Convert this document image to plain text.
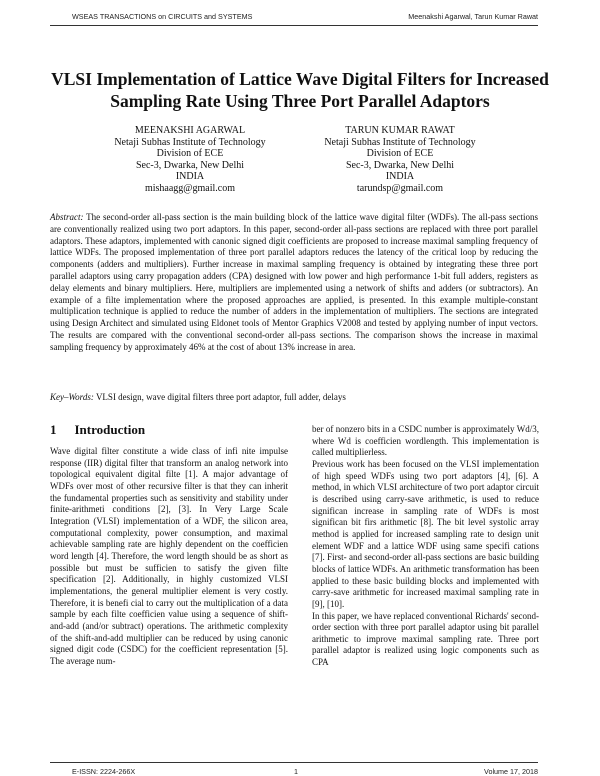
WSEAS TRANSACTIONS on CIRCUITS and SYSTEMS	Meenakshi Agarwal, Tarun Kumar Rawat
VLSI Implementation of Lattice Wave Digital Filters for Increased Sampling Rate Using Three Port Parallel Adaptors
MEENAKSHI AGARWAL
Netaji Subhas Institute of Technology
Division of ECE
Sec-3, Dwarka, New Delhi
INDIA
mishaagg@gmail.com
TARUN KUMAR RAWAT
Netaji Subhas Institute of Technology
Division of ECE
Sec-3, Dwarka, New Delhi
INDIA
tarundsp@gmail.com
Abstract: The second-order all-pass section is the main building block of the lattice wave digital filter (WDFs). The all-pass sections are conventionally realized using two port adaptors. In this paper, second-order all-pass sections are replaced with three port parallel adaptors. These adaptors, implemented with canonic signed digit coefficients are proposed to increase maximal sampling frequency of lattice WDFs. The proposed implementation of three port parallel adaptors reduces the latency of the critical loop by reducing the components (adders and multipliers). Further increase in maximal sampling frequency is obtained by integrating these three port parallel adaptors using carry propagation adders (CPA) designed with low power and high performance 1-bit full adders, registers as delay elements and binary multipliers. Here, multipliers are implemented using a network of shifts and adders (or subtractors). An example of a filte implementation where the proposed approaches are applied, is presented. In this example multiple-constant multiplication technique is applied to reduce the number of adders in the implementation of multipliers. The sections are integrated using Design Architect and simulated using Eldonet tools of Mentor Graphics V2008 and tested by applying number of input vectors. The results are compared with the conventional second-order all-pass sections. The comparison shows the increase in maximal sampling frequency by approximately 46% at the cost of about 13% increase in area.
Key–Words: VLSI design, wave digital filters three port adaptor, full adder, delays
1 Introduction

Wave digital filter constitute a wide class of infi nite impulse response (IIR) digital filter that transform an analog network into topological equivalent digital filte [1]. A major advantage of WDFs over most of other recursive filter is that they can inherit the fundamental properties such as sensitivity and stability under finite-arithmeti conditions [2], [3]. In Very Large Scale Integration (VLSI) implementation of a WDF, the silicon area, computational complexity, power consumption, and maximal achievable sampling rate are highly dependent on the coefficien word length [4]. Therefore, the word length should be as short as possible but must be sufficien to satisfy the given filte specification [2]. Additionally, in highly customized VLSI implementations, the general multiplier element is very costly. Therefore, it is benefi cial to carry out the multiplication of a data sample by each filte coefficien value using a sequence of shift-and-add (and/or subtract) operations. The arithmetic complexity of the shift-and-add multiplier can be reduced by using canonic signed digit code (CSDC) for the coefficient representation [5]. The average num-

ber of nonzero bits in a CSDC number is approximately Wd/3, where Wd is coefficien wordlength. This implementation is called multiplierless.

Previous work has been focused on the VLSI implementation of high speed WDFs using two port adaptors [4], [6]. A method, in which VLSI architecture of two port adaptor circuit is described using carry-save arithmetic, is used to reduce significan increase in sampling rate of WDFs is most significan bit firs arithmetic [8]. The bit level systolic array method is applied for increased sampling rate to design unit element WDF and a lattice WDF using same specifi cations [7]. First- and second-order all-pass sections are basic building blocks of lattice WDFs. An arithmetic transformation has been applied to these basic building blocks and implemented with carry-save arithmetic for increased maximal sampling rate in [9], [10].

In this paper, we have replaced conventional Richards' second-order section with three port parallel adaptor using bit parallel arithmetic to improve maximal sampling rate. Three port parallel adaptor is realized using logic components such as CPA

E-ISSN: 2224-266X	1	Volume 17, 2018
